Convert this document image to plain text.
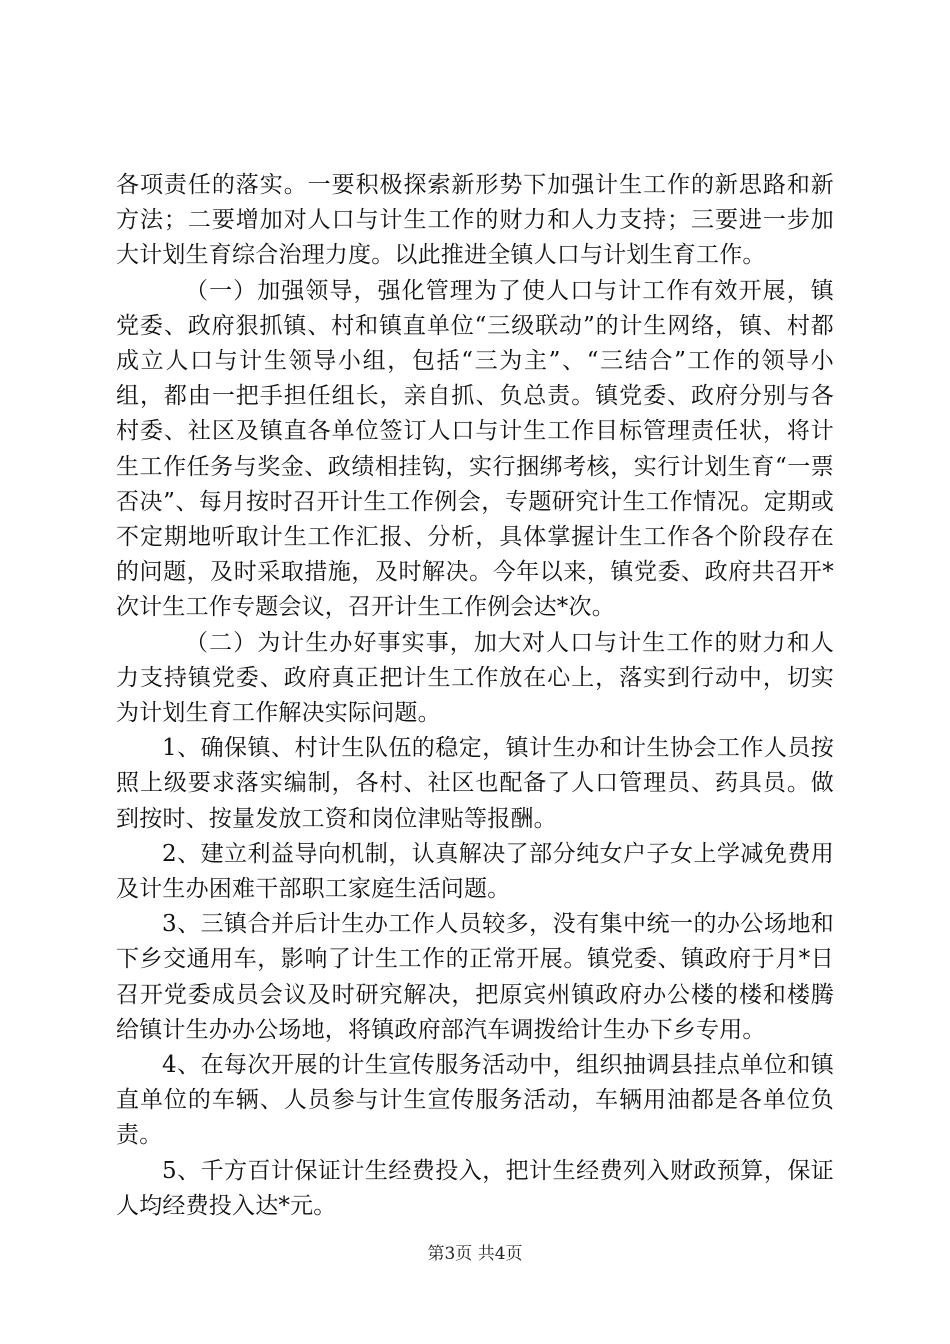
各项责任的落实。一要积极探索新形势下加强计生工作的新思路和新方法；二要增加对人口与计生工作的财力和人力支持；三要进一步加大计划生育综合治理力度。以此推进全镇人口与计划生育工作。

（一）加强领导，强化管理为了使人口与计工作有效开展，镇党委、政府狠抓镇、村和镇直单位“三级联动”的计生网络，镇、村都成立人口与计生领导小组，包括“三为主”、“三结合”工作的领导小组，都由一把手担任组长，亲自抓、负总责。镇党委、政府分别与各村委、社区及镇直各单位签订人口与计生工作目标管理责任状，将计生工作任务与奖金、政绩相挂钩，实行捆绑考核，实行计划生育“一票否决”、每月按时召开计生工作例会，专题研究计生工作情况。定期或不定期地听取计生工作汇报、分析，具体掌握计生工作各个阶段存在的问题，及时采取措施，及时解决。今年以来，镇党委、政府共召开*次计生工作专题会议，召开计生工作例会达*次。

（二）为计生办好事实事，加大对人口与计生工作的财力和人力支持镇党委、政府真正把计生工作放在心上，落实到行动中，切实为计划生育工作解决实际问题。

1、确保镇、村计生队伍的稳定，镇计生办和计生协会工作人员按照上级要求落实编制，各村、社区也配备了人口管理员、药具员。做到按时、按量发放工资和岗位津贴等报酬。

2、建立利益导向机制，认真解决了部分纯女户子女上学减免费用及计生办困难干部职工家庭生活问题。

3、三镇合并后计生办工作人员较多，没有集中统一的办公场地和下乡交通用车，影响了计生工作的正常开展。镇党委、镇政府于月*日召开党委成员会议及时研究解决，把原宾州镇政府办公楼的楼和楼腾给镇计生办办公场地，将镇政府部汽车调拨给计生办下乡专用。

4、在每次开展的计生宣传服务活动中，组织抽调县挂点单位和镇直单位的车辆、人员参与计生宣传服务活动，车辆用油都是各单位负责。

5、千方百计保证计生经费投入，把计生经费列入财政预算，保证人均经费投入达*元。

第3页 共4页
